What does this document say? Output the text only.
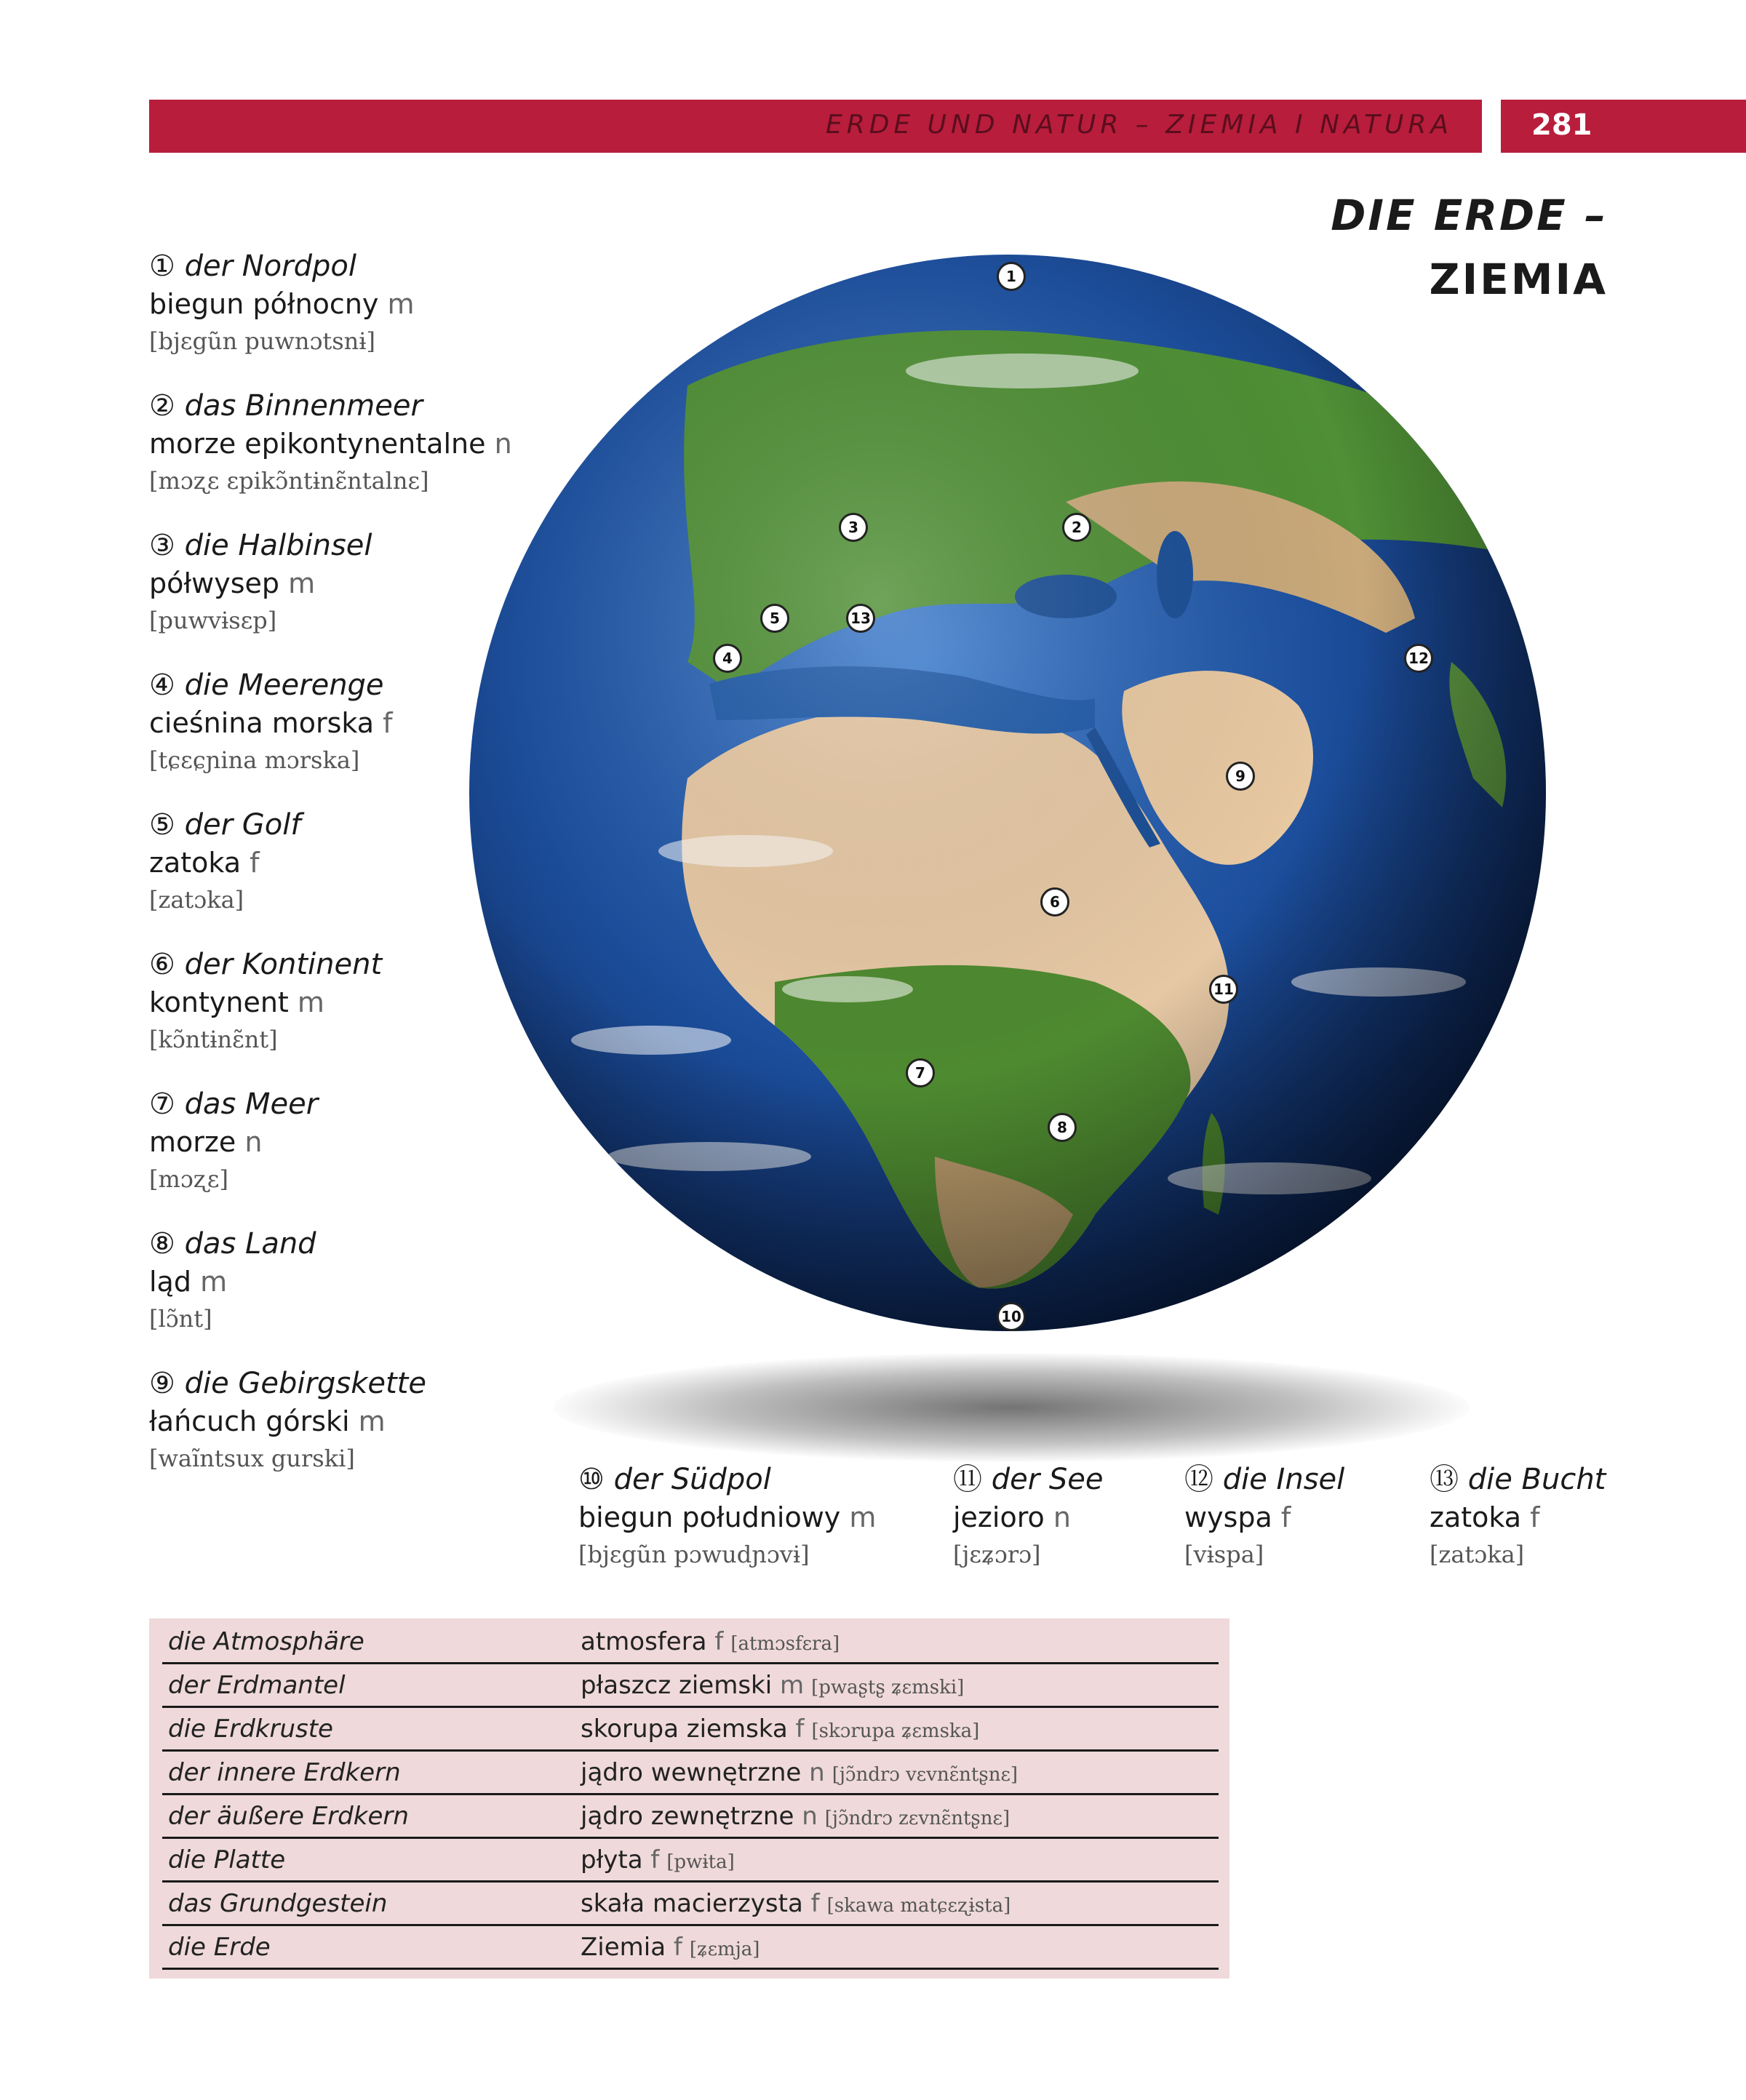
ERDE UND NATUR – ZIEMIA I NATURA	281
DIE ERDE –
ZIEMIA
① der Nordpol
biegun północny m
[bjɛgũn puwnɔtsnɨ]
② das Binnenmeer
morze epikontynentalne n
[mɔʐɛ ɛpikɔ̃ntɨnɛ̃ntalnɛ]
③ die Halbinsel
półwysep m
[puwvɨsɛp]
④ die Meerenge
cieśnina morska f
[tɕɛɕɲina mɔrska]
⑤ der Golf
zatoka f
[zatɔka]
⑥ der Kontinent
kontynent m
[kɔ̃ntɨnɛ̃nt]
⑦ das Meer
morze n
[mɔʐɛ]
⑧ das Land
ląd m
[lɔ̃nt]
⑨ die Gebirgskette
łańcuch górski m
[waĩntsux gurski]
1
2
3
4
5
6
7
8
9
10
11
12
13
⑩ der Südpol
biegun południowy m
[bjɛgũn pɔwudɲɔvɨ]
⑪ der See
jezioro n
[jɛʑɔrɔ]
⑫ die Insel
wyspa f
[vɨspa]
⑬ die Bucht
zatoka f
[zatɔka]
die Atmosphäre	atmosfera f [atmɔsfɛra]
der Erdmantel	płaszcz ziemski m [pwaʂtʂ ʑɛmski]
die Erdkruste	skorupa ziemska f [skɔrupa ʑɛmska]
der innere Erdkern	jądro wewnętrzne n [jɔ̃ndrɔ vɛvnɛ̃ntʂnɛ]
der äußere Erdkern	jądro zewnętrzne n [jɔ̃ndrɔ zɛvnɛ̃ntʂnɛ]
die Platte	płyta f [pwɨta]
das Grundgestein	skała macierzysta f [skawa matɕɛʐɨsta]
die Erde	Ziemia f [ʑɛmja]
